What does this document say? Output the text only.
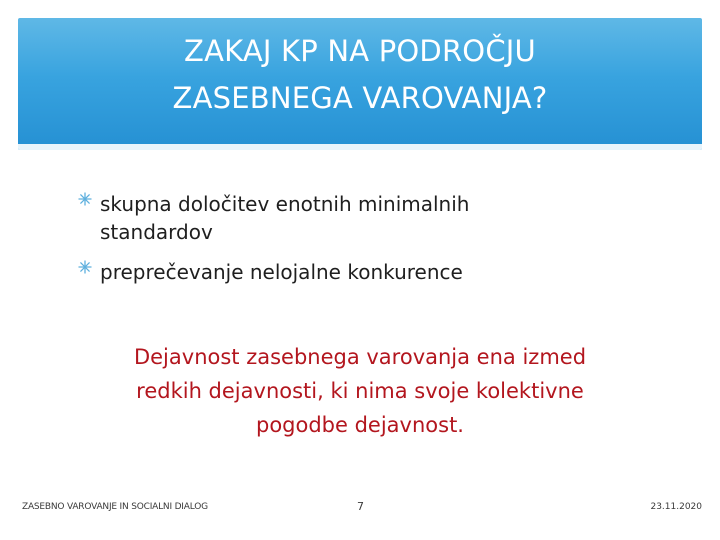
ZAKAJ KP NA PODROČJU
ZASEBNEGA VAROVANJA?
skupna določitev enotnih minimalnih
standardov
preprečevanje nelojalne konkurence
Dejavnost zasebnega varovanja ena izmed
redkih dejavnosti, ki nima svoje kolektivne
pogodbe dejavnost.
ZASEBNO VAROVANJE IN SOCIALNI DIALOG	7	23.11.2020
